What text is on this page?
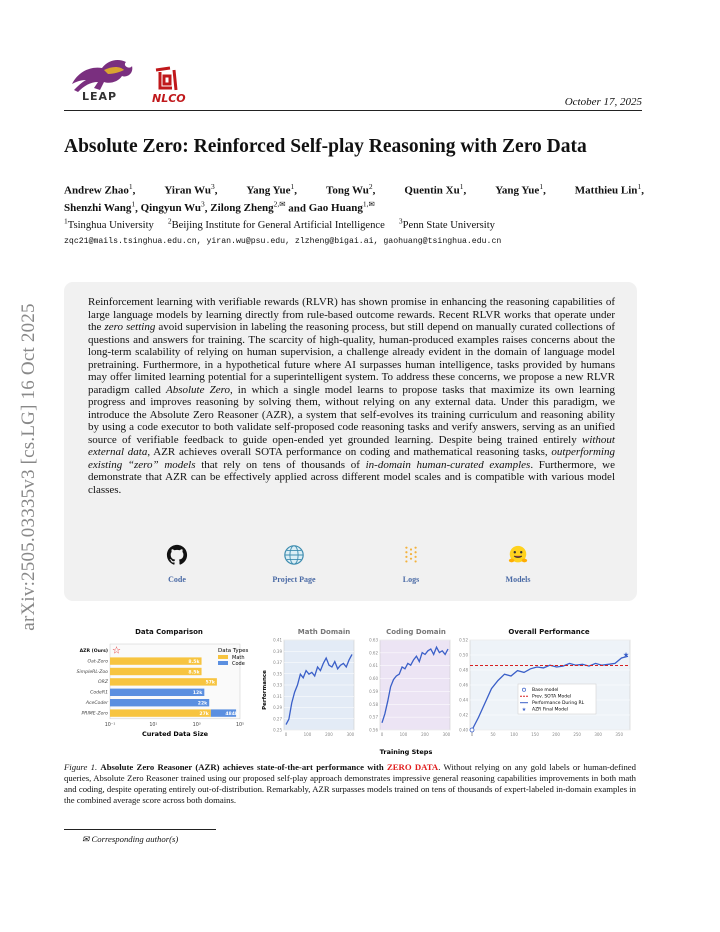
arXiv:2505.03335v3 [cs.LG] 16 Oct 2025
LEAP	NLCO	October 17, 2025
Absolute Zero: Reinforced Self-play Reasoning with Zero Data
Andrew Zhao$^1$,	Yiran Wu$^3$,	Yang Yue$^1$,	Tong Wu$^2$,	Quentin Xu$^1$,	Yang Yue$^1$,	Matthieu Lin$^1$,
Shenzhi Wang$^1$, Qingyun Wu$^3$, Zilong Zheng$^{2,✉}$ and Gao Huang$^{1,✉}$
$^1$Tsinghua University $^2$Beijing Institute for General Artificial Intelligence $^3$Penn State University
zqc21@mails.tsinghua.edu.cn, yiran.wu@psu.edu, zlzheng@bigai.ai, gaohuang@tsinghua.edu.cn
Reinforcement learning with verifiable rewards (RLVR) has shown promise in enhancing the reasoning capabilities of large language models by learning directly from rule-based outcome rewards. Recent RLVR works that operate under the zero setting avoid supervision in labeling the reasoning process, but still depend on manually curated collections of questions and answers for training. The scarcity of high-quality, human-produced examples raises concerns about the long-term scalability of relying on human supervision, a challenge already evident in the domain of language model pretraining. Furthermore, in a hypothetical future where AI surpasses human intelligence, tasks provided by humans may offer limited learning potential for a superintelligent system. To address these concerns, we propose a new RLVR paradigm called Absolute Zero, in which a single model learns to propose tasks that maximize its own learning progress and improves reasoning by solving them, without relying on any external data. Under this paradigm, we introduce the Absolute Zero Reasoner (AZR), a system that self-evolves its training curriculum and reasoning ability by using a code executor to both validate self-proposed code reasoning tasks and verify answers, serving as an unified source of verifiable feedback to guide open-ended yet grounded learning. Despite being trained entirely without external data, AZR achieves overall SOTA performance on coding and mathematical reasoning tasks, outperforming existing “zero” models that rely on tens of thousands of in-domain human-curated examples. Furthermore, we demonstrate that AZR can be effectively applied across different model scales and is compatible with various model classes.
Code	Project Page	Logs	Models
Data Comparison
AZR (Ours)
Oat-Zero	8.5k
SimpleRL-Zoo	8.5k
ORZ	57k
CodeR1	12k
AceCoder	22k
PRIME-Zero	27k	484k
☆
10⁻¹	10¹	10³	10⁵
Curated Data Size
Data Types
Math
Code
Math Domain
0.25
0.27
0.29
0.31
0.33
0.35
0.37
0.39
0.41
0	100	200	300
Performance
Coding Domain
0.56
0.57
0.58
0.59
0.60
0.61
0.62
0.63
0	100	200	300
Training Steps
Overall Performance
0.40
0.42
0.44
0.46
0.48
0.50
0.52
0	50	100	150	200	250	300	350
★
Base model
Prev. SOTA Model
Performance During RL
★ AZR Final Model
Figure 1. Absolute Zero Reasoner (AZR) achieves state-of-the-art performance with ZERO DATA. Without relying on any gold labels or human-defined queries, Absolute Zero Reasoner trained using our proposed self-play approach demonstrates impressive general reasoning capabilities improvements in both math and coding, despite operating entirely out-of-distribution. Remarkably, AZR surpasses models trained on tens of thousands of expert-labeled in-domain examples in the combined average score across both domains.
✉ Corresponding author(s)
